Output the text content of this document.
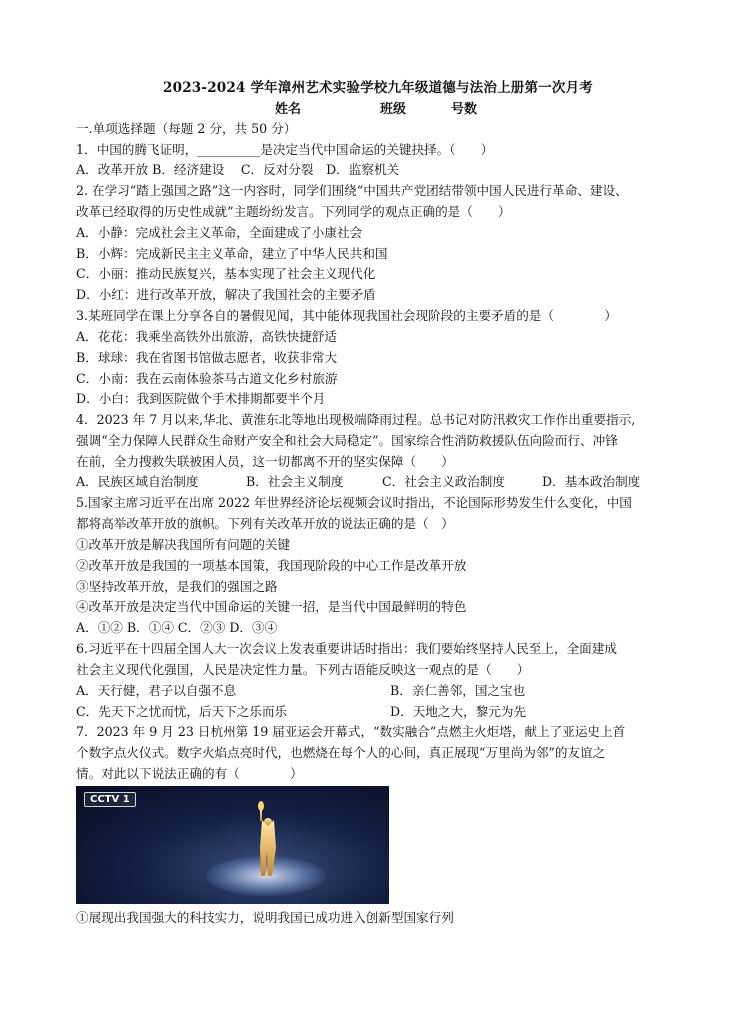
2023-2024 学年漳州艺术实验学校九年级道德与法治上册第一次月考
姓名	班级	号数
一.单项选择题（每题 2 分，共 50 分）
1．中国的腾飞证明，__________是决定当代中国命运的关键抉择。（　　）
A．改革开放 B．经济建设　 C．反对分裂　D．监察机关
2. 在学习“踏上强国之路”这一内容时，同学们围绕“中国共产党团结带领中国人民进行革命、建设、
改革已经取得的历史性成就”主题纷纷发言。下列同学的观点正确的是（　　）
A．小静：完成社会主义革命，全面建成了小康社会
B．小辉：完成新民主主义革命，建立了中华人民共和国
C．小丽：推动民族复兴，基本实现了社会主义现代化
D．小红：进行改革开放，解决了我国社会的主要矛盾
3.某班同学在课上分享各自的暑假见闻，其中能体现我国社会现阶段的主要矛盾的是（　　　　）
A．花花：我乘坐高铁外出旅游，高铁快捷舒适
B．球球：我在省图书馆做志愿者，收获非常大
C．小南：我在云南体验茶马古道文化乡村旅游
D．小白：我到医院做个手术排期都要半个月
4．2023 年 7 月以来,华北、黄淮东北等地出现极端降雨过程。总书记对防汛救灾工作作出重要指示,
强调“全力保障人民群众生命财产安全和社会大局稳定”。国家综合性消防救援队伍向险而行、冲锋
在前，全力搜救失联被困人员，这一切都离不开的坚实保障（　　）
A．民族区域自治制度	B．社会主义制度	C．社会主义政治制度	D．基本政治制度
5.国家主席习近平在出席 2022 年世界经济论坛视频会议时指出，不论国际形势发生什么变化，中国
都将高举改革开放的旗帜。下列有关改革开放的说法正确的是（　）
①改革开放是解决我国所有问题的关键
②改革开放是我国的一项基本国策，我国现阶段的中心工作是改革开放
③坚持改革开放，是我们的强国之路
④改革开放是决定当代中国命运的关键一招，是当代中国最鲜明的特色
A．①② B．①④ C．②③ D．③④
6.习近平在十四届全国人大一次会议上发表重要讲话时指出：我们要始终坚持人民至上，全面建成
社会主义现代化强国，人民是决定性力量。下列古语能反映这一观点的是（　　）
A．天行健，君子以自强不息	B．亲仁善邻，国之宝也
C．先天下之忧而忧，后天下之乐而乐	D．天地之大，黎元为先
7．2023 年 9 月 23 日杭州第 19 届亚运会开幕式，“数实融合”点燃主火炬塔，献上了亚运史上首
个数字点火仪式。数字火焰点亮时代，也燃烧在每个人的心间，真正展现“万里尚为邻”的友谊之
情。对此以下说法正确的有（　　　　）
CCTV 1
①展现出我国强大的科技实力，说明我国已成功进入创新型国家行列
